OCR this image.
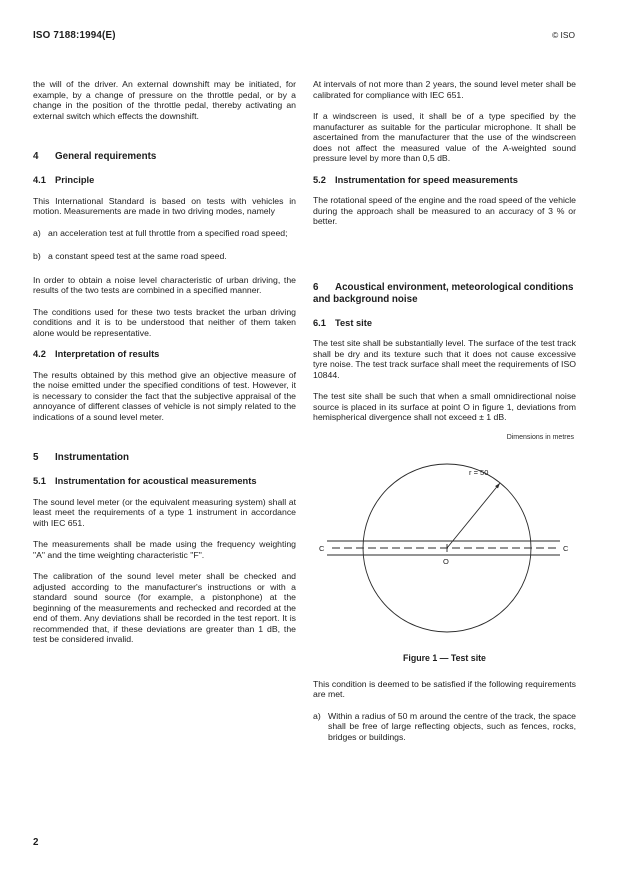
ISO 7188:1994(E)	© ISO

the will of the driver. An external downshift may be initiated, for example, by a change of pressure on the throttle pedal, or by a change in the position of the throttle pedal, thereby activating an external switch which effects the downshift.

4 General requirements
4.1 Principle

This International Standard is based on tests with vehicles in motion. Measurements are made in two driving modes, namely

a) an acceleration test at full throttle from a specified road speed;
b) a constant speed test at the same road speed.

In order to obtain a noise level characteristic of urban driving, the results of the two tests are combined in a specified manner.

The conditions used for these two tests bracket the urban driving conditions and it is to be understood that neither of them taken alone would be representative.

4.2 Interpretation of results

The results obtained by this method give an objective measure of the noise emitted under the specified conditions of test. However, it is necessary to consider the fact that the subjective appraisal of the annoyance of different classes of vehicle is not simply related to the indications of a sound level meter.

5 Instrumentation
5.1 Instrumentation for acoustical measurements

The sound level meter (or the equivalent measuring system) shall at least meet the requirements of a type 1 instrument in accordance with IEC 651.

The measurements shall be made using the frequency weighting "A" and the time weighting characteristic "F".

The calibration of the sound level meter shall be checked and adjusted according to the manufacturer's instructions or with a standard sound source (for example, a pistonphone) at the beginning of the measurements and rechecked and recorded at the end of them. Any deviations shall be recorded in the test report. It is recommended that, if these deviations are greater than 1 dB, the test be considered invalid.

At intervals of not more than 2 years, the sound level meter shall be calibrated for compliance with IEC 651.

If a windscreen is used, it shall be of a type specified by the manufacturer as suitable for the particular microphone. It shall be ascertained from the manufacturer that the use of the windscreen does not affect the measured value of the A-weighted sound pressure level by more than 0,5 dB.

5.2 Instrumentation for speed measurements

The rotational speed of the engine and the road speed of the vehicle during the approach shall be measured to an accuracy of 3 % or better.

6 Acoustical environment, meteorological conditions and background noise
6.1 Test site

The test site shall be substantially level. The surface of the test track shall be dry and its texture such that it does not cause excessive tyre noise. The test track surface shall meet the requirements of ISO 10844.

The test site shall be such that when a small omnidirectional noise source is placed in its surface at point O in figure 1, deviations from hemispherical divergence shall not exceed ± 1 dB.

Dimensions in metres
r = 50
C	C
O
Figure 1 — Test site

This condition is deemed to be satisfied if the following requirements are met.

a) Within a radius of 50 m around the centre of the track, the space shall be free of large reflecting objects, such as fences, rocks, bridges or buildings.
2
